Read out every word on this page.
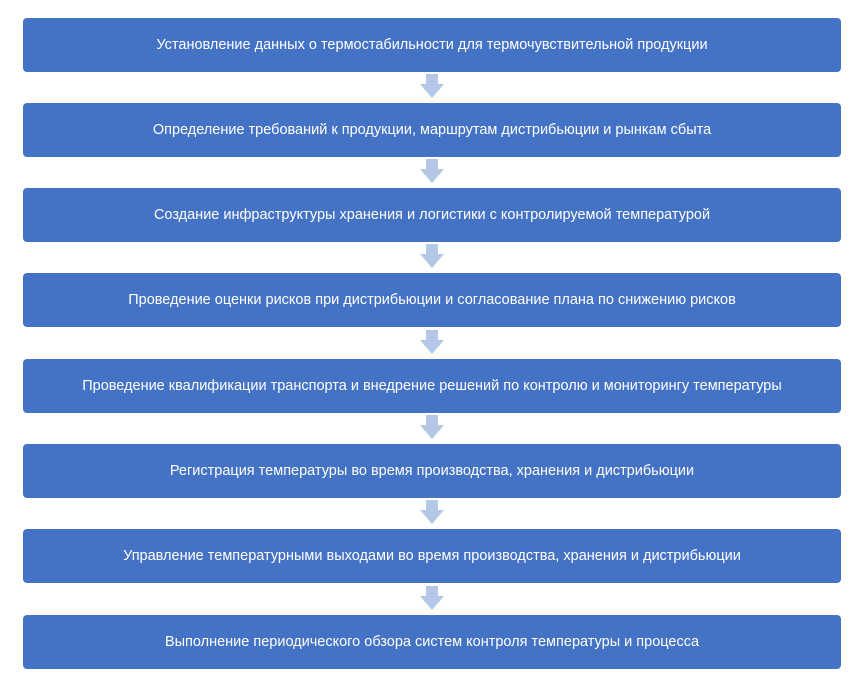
Установление данных о термостабильности для термочувствительной продукции
Определение требований к продукции, маршрутам дистрибьюции и рынкам сбыта
Создание инфраструктуры хранения и логистики с контролируемой температурой
Проведение оценки рисков при дистрибьюции и согласование плана по снижению рисков
Проведение квалификации транспорта и внедрение решений по контролю и мониторингу температуры
Регистрация температуры во время производства, хранения и дистрибьюции
Управление температурными выходами во время производства, хранения и дистрибьюции
Выполнение периодического обзора систем контроля температуры и процесса
